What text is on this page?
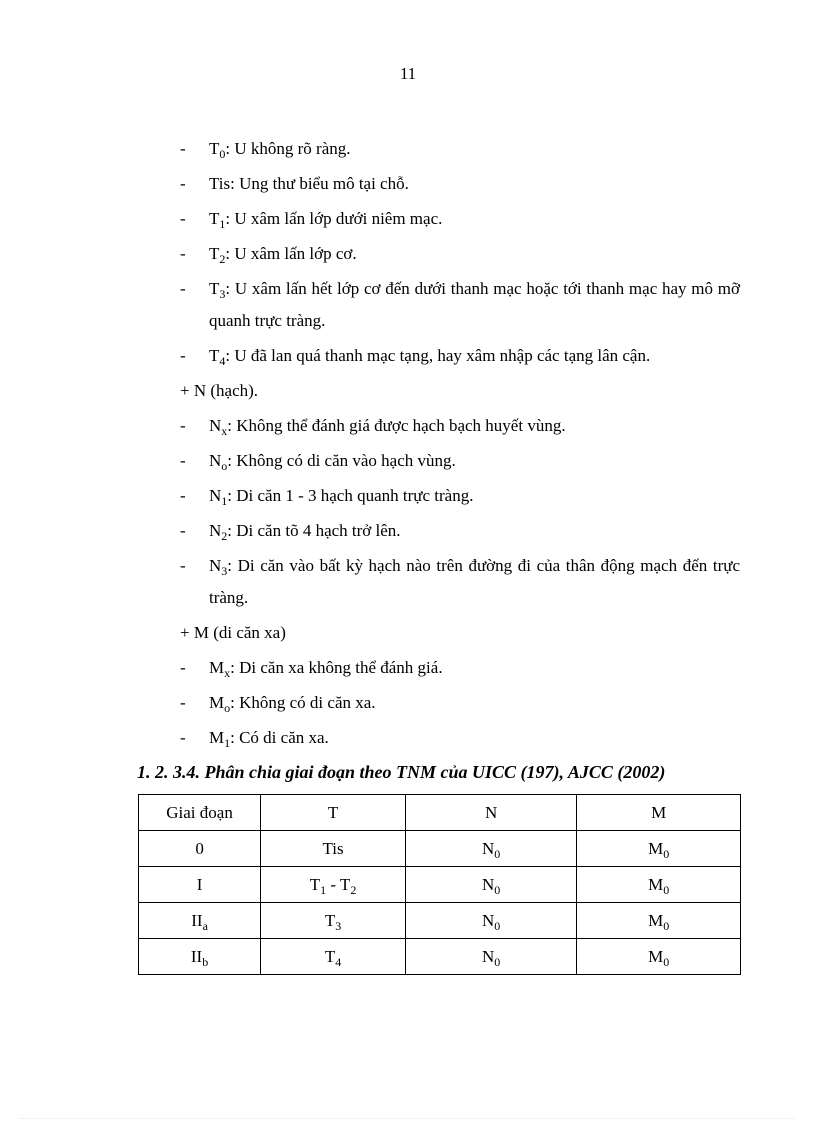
11
- $T_0$: U không rõ ràng.
- Tis: Ung thư biểu mô tại chỗ.
- $T_1$: U xâm lấn lớp dưới niêm mạc.
- $T_2$: U xâm lấn lớp cơ.
- $T_3$: U xâm lấn hết lớp cơ đến dưới thanh mạc hoặc tới thanh mạc hay mô mỡ quanh trực tràng.
- $T_4$: U đã lan quá thanh mạc tạng, hay xâm nhập các tạng lân cận.
+ N (hạch).
- $N_x$: Không thể đánh giá được hạch bạch huyết vùng.
- $N_o$: Không có di căn vào hạch vùng.
- $N_1$: Di căn 1 - 3 hạch quanh trực tràng.
- $N_2$: Di căn tõ 4 hạch trở lên.
- $N_3$: Di căn vào bất kỳ hạch nào trên đường đi của thân động mạch đến trực tràng.
+ M (di căn xa)
- $M_x$: Di căn xa không thể đánh giá.
- $M_o$: Không có di căn xa.
- $M_1$: Có di căn xa.
1. 2. 3.4. Phân chia giai đoạn theo TNM của UICC (197), AJCC (2002)
Giai đoạn	T	N	M
0	Tis	$N_0$	$M_0$
I	$T_1 - T_2$	$N_0$	$M_0$
$II_a$	$T_3$	$N_0$	$M_0$
$II_b$	$T_4$	$N_0$	$M_0$
